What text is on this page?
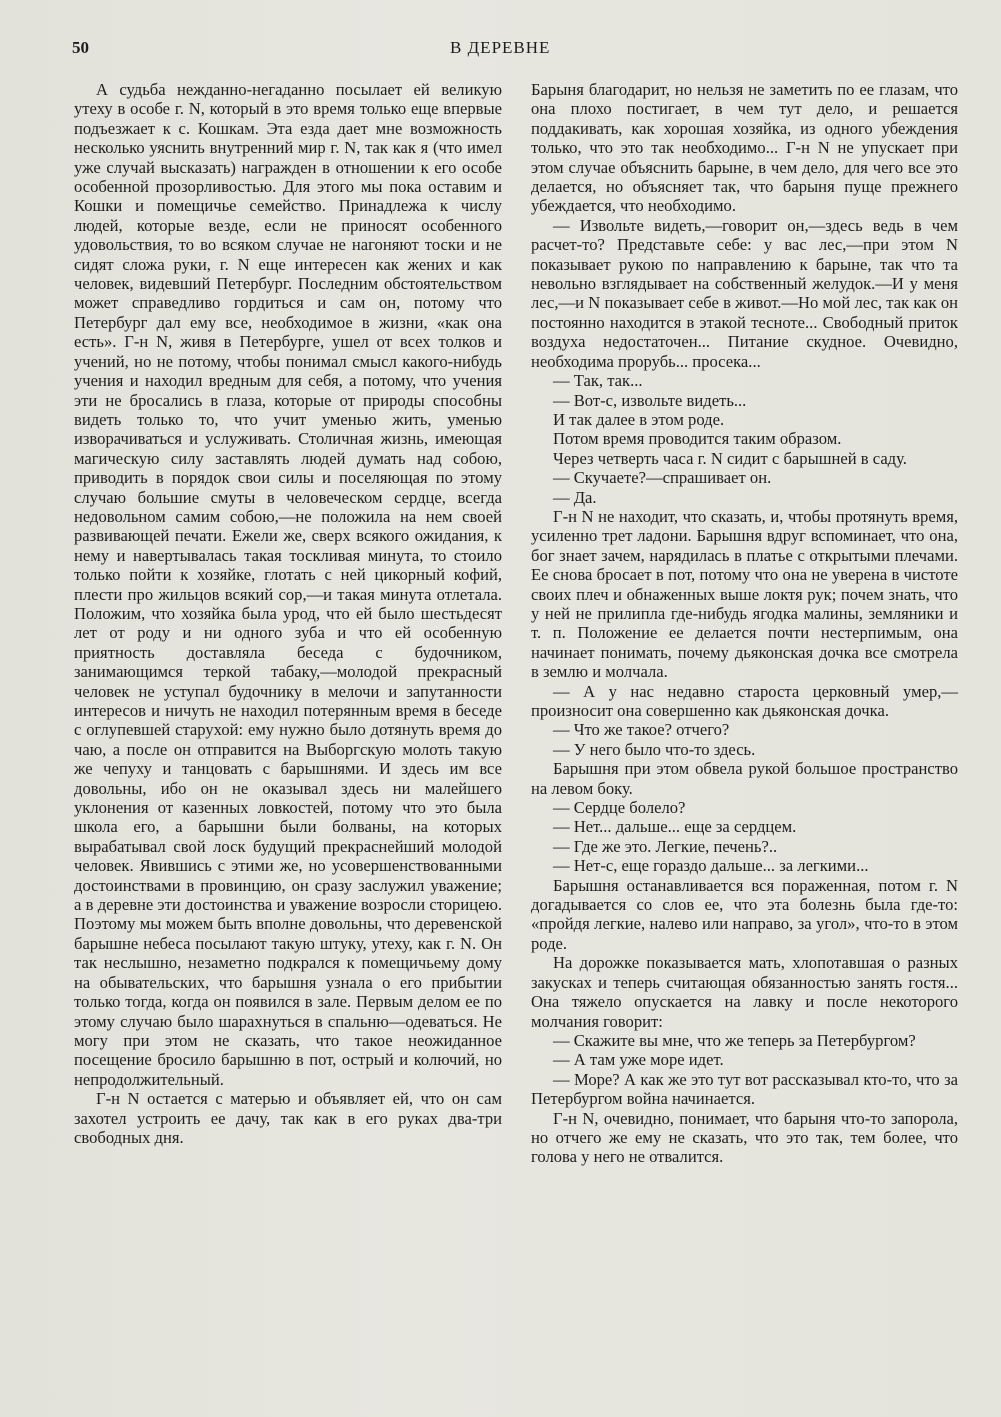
50	В ДЕРЕВНЕ

А судьба нежданно-негаданно посылает ей великую утеху в особе г. N, который в это время только еще впервые подъезжает к с. Кошкам. Эта езда дает мне возможность несколько уяснить внутренний мир г. N, так как я (что имел уже случай высказать) награжден в отношении к его особе особенной прозорливостью. Для этого мы пока оставим и Кошки и помещичье семейство. Принадлежа к числу людей, которые везде, если не приносят особенного удовольствия, то во всяком случае не нагоняют тоски и не сидят сложа руки, г. N еще интересен как жених и как человек, видевший Петербург. Последним обстоятельством может справедливо гордиться и сам он, потому что Петербург дал ему все, необходимое в жизни, «как она есть». Г-н N, живя в Петербурге, ушел от всех толков и учений, но не потому, чтобы понимал смысл какого-нибудь учения и находил вредным для себя, а потому, что учения эти не бросались в глаза, которые от природы способны видеть только то, что учит уменью жить, уменью изворачиваться и услуживать. Столичная жизнь, имеющая магическую силу заставлять людей думать над собою, приводить в порядок свои силы и поселяющая по этому случаю большие смуты в человеческом сердце, всегда недовольном самим собою,—не положила на нем своей развивающей печати. Ежели же, сверх всякого ожидания, к нему и навертывалась такая тоскливая минута, то стоило только пойти к хозяйке, глотать с ней цикорный кофий, плести про жильцов всякий сор,—и такая минута отлетала. Положим, что хозяйка была урод, что ей было шестьдесят лет от роду и ни одного зуба и что ей особенную приятность доставляла беседа с будочником, занимающимся теркой табаку,—молодой прекрасный человек не уступал будочнику в мелочи и запутанности интересов и ничуть не находил потерянным время в беседе с оглупевшей старухой: ему нужно было дотянуть время до чаю, а после он отправится на Выборгскую молоть такую же чепуху и танцовать с барышнями. И здесь им все довольны, ибо он не оказывал здесь ни малейшего уклонения от казенных ловкостей, потому что это была школа его, а барышни были болваны, на которых вырабатывал свой лоск будущий прекраснейший молодой человек. Явившись с этими же, но усовершенствованными достоинствами в провинцию, он сразу заслужил уважение; а в деревне эти достоинства и уважение возросли сторицею. Поэтому мы можем быть вполне довольны, что деревенской барышне небеса посылают такую штуку, утеху, как г. N. Он так неслышно, незаметно подкрался к помещичьему дому на обывательских, что барышня узнала о его прибытии только тогда, когда он появился в зале. Первым делом ее по этому случаю было шарахнуться в спальню—одеваться. Не могу при этом не сказать, что такое неожиданное посещение бросило барышню в пот, острый и колючий, но непродолжительный.

Г-н N остается с матерью и объявляет ей, что он сам захотел устроить ее дачу, так как в его руках два-три свободных дня.

Барыня благодарит, но нельзя не заметить по ее глазам, что она плохо постигает, в чем тут дело, и решается поддакивать, как хорошая хозяйка, из одного убеждения только, что это так необходимо... Г-н N не упускает при этом случае объяснить барыне, в чем дело, для чего все это делается, но объясняет так, что барыня пуще прежнего убеждается, что необходимо.

— Извольте видеть,—говорит он,—здесь ведь в чем расчет-то? Представьте себе: у вас лес,—при этом N показывает рукою по направлению к барыне, так что та невольно взглядывает на собственный желудок.—И у меня лес,—и N показывает себе в живот.—Но мой лес, так как он постоянно находится в этакой тесноте... Свободный приток воздуха недостаточен... Питание скудное. Очевидно, необходима прорубь... просека...

— Так, так...

— Вот-с, извольте видеть...

И так далее в этом роде.

Потом время проводится таким образом.

Через четверть часа г. N сидит с барышней в саду.

— Скучаете?—спрашивает он.

— Да.

Г-н N не находит, что сказать, и, чтобы протянуть время, усиленно трет ладони. Барышня вдруг вспоминает, что она, бог знает зачем, нарядилась в платье с открытыми плечами. Ее снова бросает в пот, потому что она не уверена в чистоте своих плеч и обнаженных выше локтя рук; почем знать, что у ней не прилипла где-нибудь ягодка малины, земляники и т. п. Положение ее делается почти нестерпимым, она начинает понимать, почему дьяконская дочка все смотрела в землю и молчала.

— А у нас недавно староста церковный умер,—произносит она совершенно как дьяконская дочка.

— Что же такое? отчего?

— У него было что-то здесь.

Барышня при этом обвела рукой большое пространство на левом боку.

— Сердце болело?

— Нет... дальше... еще за сердцем.

— Где же это. Легкие, печень?..

— Нет-с, еще гораздо дальше... за легкими...

Барышня останавливается вся пораженная, потом г. N догадывается со слов ее, что эта болезнь была где-то: «пройдя легкие, налево или направо, за угол», что-то в этом роде.

На дорожке показывается мать, хлопотавшая о разных закусках и теперь считающая обязанностью занять гостя... Она тяжело опускается на лавку и после некоторого молчания говорит:

— Скажите вы мне, что же теперь за Петербургом?

— А там уже море идет.

— Море? А как же это тут вот рассказывал кто-то, что за Петербургом война начинается.

Г-н N, очевидно, понимает, что барыня что-то запорола, но отчего же ему не сказать, что это так, тем более, что голова у него не отвалится.
